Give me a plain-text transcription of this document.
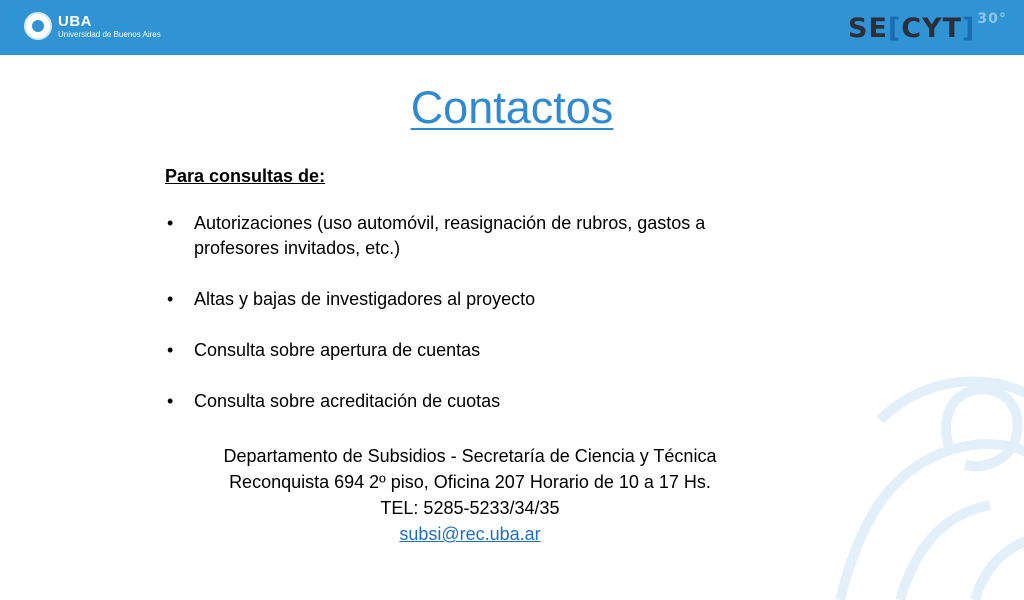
UBA
Universidad de Buenos Aires	SE[CYT] $^{30^\circ}$
Contactos
Para consultas de:
• Autorizaciones (uso automóvil, reasignación de rubros, gastos a profesores invitados, etc.)
• Altas y bajas de investigadores al proyecto
• Consulta sobre apertura de cuentas
• Consulta sobre acreditación de cuotas
Departamento de Subsidios - Secretaría de Ciencia y Técnica
Reconquista 694 2º piso, Oficina 207 Horario de 10 a 17 Hs.
TEL: 5285-5233/34/35
subsi@rec.uba.ar
